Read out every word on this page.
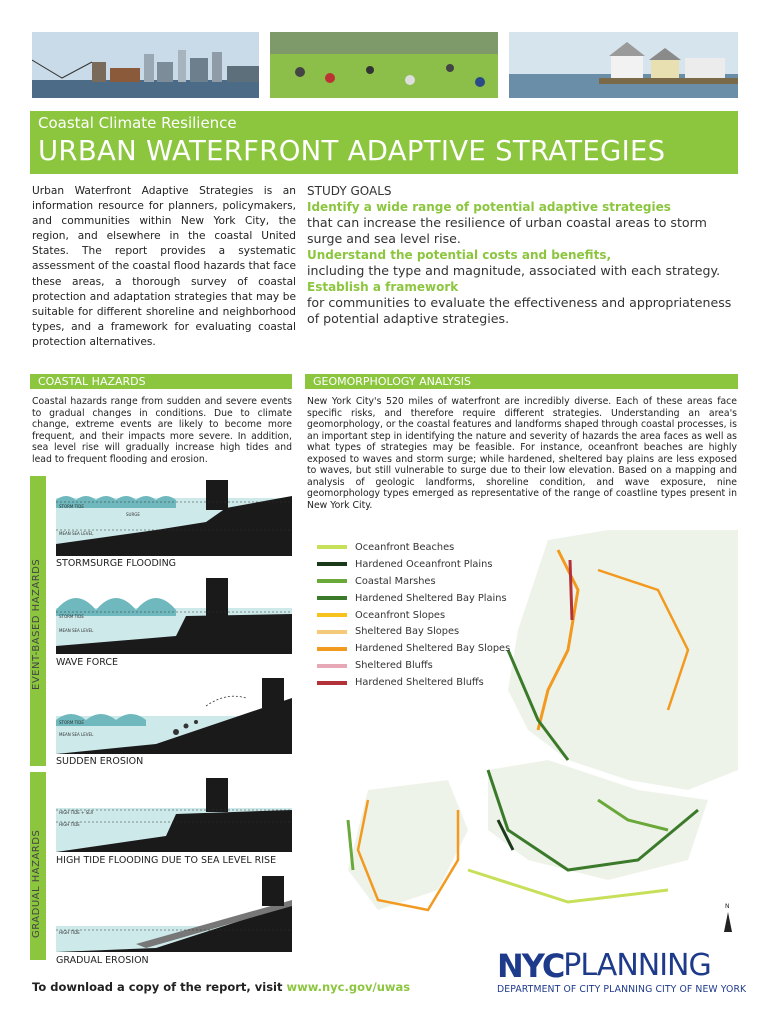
Coastal Climate Resilience
URBAN WATERFRONT ADAPTIVE STRATEGIES
Urban Waterfront Adaptive Strategies is an information resource for planners, policymakers, and communities within New York City, the region, and elsewhere in the coastal United States. The report provides a systematic assessment of the coastal flood hazards that face these areas, a thorough survey of coastal protection and adaptation strategies that may be suitable for different shoreline and neighborhood types, and a framework for evaluating coastal protection alternatives.
STUDY GOALS
Identify a wide range of potential adaptive strategies
that can increase the resilience of urban coastal areas to storm surge and sea level rise.
Understand the potential costs and benefits,
including the type and magnitude, associated with each strategy.
Establish a framework
for communities to evaluate the effectiveness and appropriateness of potential adaptive strategies.
COASTAL HAZARDS	GEOMORPHOLOGY ANALYSIS
Coastal hazards range from sudden and severe events to gradual changes in conditions. Due to climate change, extreme events are likely to become more frequent, and their impacts more severe. In addition, sea level rise will gradually increase high tides and lead to frequent flooding and erosion.
New York City's 520 miles of waterfront are incredibly diverse. Each of these areas face specific risks, and therefore require different strategies. Understanding an area's geomorphology, or the coastal features and landforms shaped through coastal processes, is an important step in identifying the nature and severity of hazards the area faces as well as what types of strategies may be feasible. For instance, oceanfront beaches are highly exposed to waves and storm surge; while hardened, sheltered bay plains are less exposed to waves, but still vulnerable to surge due to their low elevation. Based on a mapping and analysis of geologic landforms, shoreline condition, and wave exposure, nine geomorphology types emerged as representative of the range of coastline types present in New York City.
EVENT-BASED HAZARDS
GRADUAL HAZARDS
STORM TIDE
SURGE
MEAN SEA LEVEL
STORMSURGE FLOODING
STORM TIDE
MEAN SEA LEVEL
WAVE FORCE
STORM TIDE
MEAN SEA LEVEL
SUDDEN EROSION
HIGH TIDE + SLR
HIGH TIDE
HIGH TIDE FLOODING DUE TO SEA LEVEL RISE
HIGH TIDE
GRADUAL EROSION
N
Oceanfront Beaches
Hardened Oceanfront Plains
Coastal Marshes
Hardened Sheltered Bay Plains
Oceanfront Slopes
Sheltered Bay Slopes
Hardened Sheltered Bay Slopes
Sheltered Bluffs
Hardened Sheltered Bluffs
To download a copy of the report, visit www.nyc.gov/uwas
NYC PLANNING
DEPARTMENT OF CITY PLANNING CITY OF NEW YORK
